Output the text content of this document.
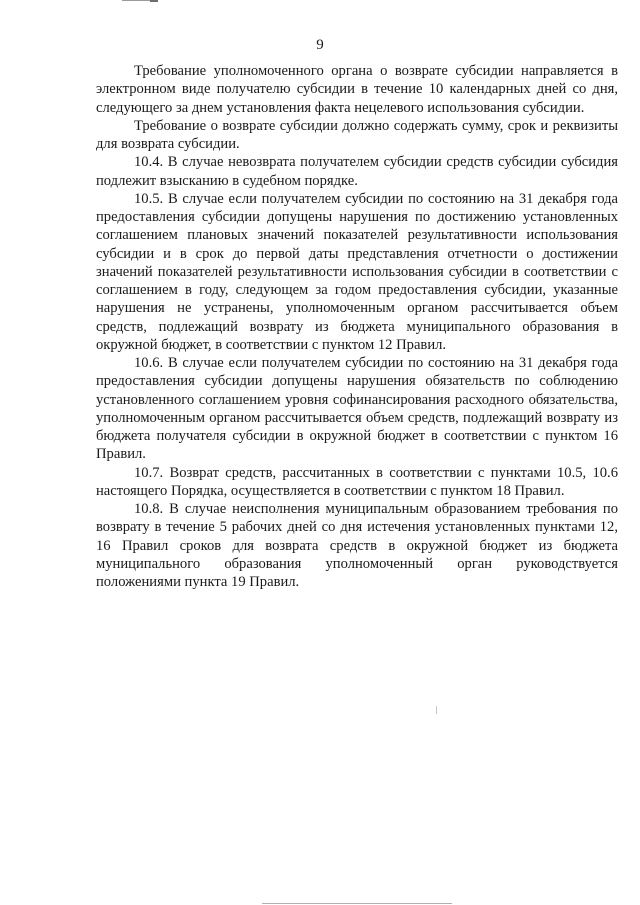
9

Требование уполномоченного органа о возврате субсидии направляется в электронном виде получателю субсидии в течение 10 календарных дней со дня, следующего за днем установления факта нецелевого использования субсидии.

Требование о возврате субсидии должно содержать сумму, срок и реквизиты для возврата субсидии.

10.4. В случае невозврата получателем субсидии средств субсидии субсидия подлежит взысканию в судебном порядке.

10.5. В случае если получателем субсидии по состоянию на 31 декабря года предоставления субсидии допущены нарушения по достижению установленных соглашением плановых значений показателей результативности использования субсидии и в срок до первой даты представления отчетности о достижении значений показателей результативности использования субсидии в соответствии с соглашением в году, следующем за годом предоставления субсидии, указанные нарушения не устранены, уполномоченным органом рассчитывается объем средств, подлежащий возврату из бюджета муниципального образования в окружной бюджет, в соответствии с пунктом 12 Правил.

10.6. В случае если получателем субсидии по состоянию на 31 декабря года предоставления субсидии допущены нарушения обязательств по соблюдению установленного соглашением уровня софинансирования расходного обязательства, уполномоченным органом рассчитывается объем средств, подлежащий возврату из бюджета получателя субсидии в окружной бюджет в соответствии с пунктом 16 Правил.

10.7. Возврат средств, рассчитанных в соответствии с пунктами 10.5, 10.6 настоящего Порядка, осуществляется в соответствии с пунктом 18 Правил.

10.8. В случае неисполнения муниципальным образованием требования по возврату в течение 5 рабочих дней со дня истечения установленных пунктами 12, 16 Правил сроков для возврата средств в окружной бюджет из бюджета муниципального образования уполномоченный орган руководствуется положениями пункта 19 Правил.
